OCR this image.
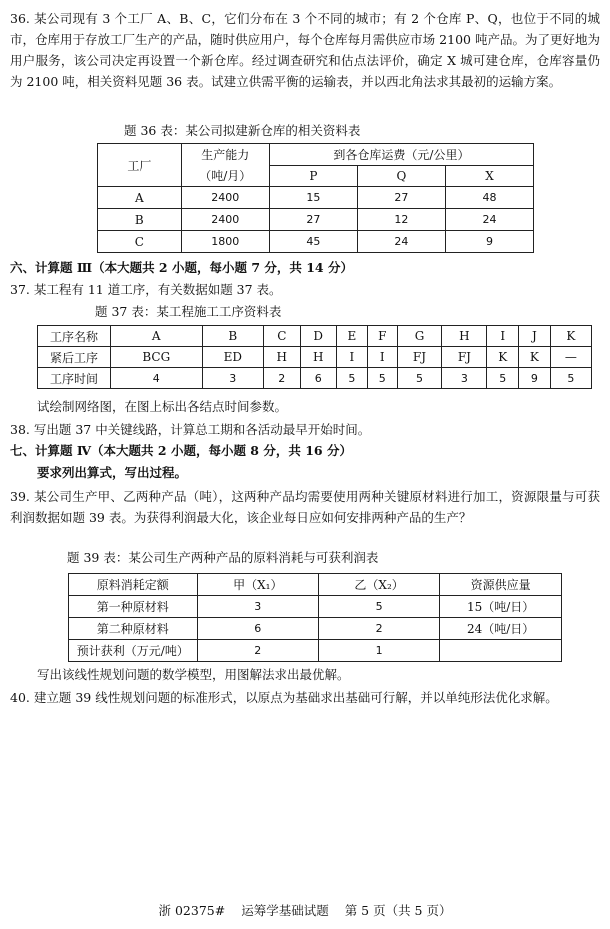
36. 某公司现有 3 个工厂 A、B、C，它们分布在 3 个不同的城市；有 2 个仓库 P、Q，也位于不同的城市，仓库用于存放工厂生产的产品，随时供应用户，每个仓库每月需供应市场 2100 吨产品。为了更好地为用户服务，该公司决定再设置一个新仓库。经过调查研究和估点法评价，确定 X 城可建仓库，仓库容量仍为 2100 吨，相关资料见题 36 表。试建立供需平衡的运输表，并以西北角法求其最初的运输方案。
题 36 表：某公司拟建新仓库的相关资料表
工厂	生产能力	到各仓库运费（元/公里）		
	（吨/月）	P	Q	X
A	2400	15	27	48
B	2400	27	12	24
C	1800	45	24	9
六、计算题 Ⅲ（本大题共 2 小题，每小题 7 分，共 14 分）
37. 某工程有 11 道工序，有关数据如题 37 表。
题 37 表：某工程施工工序资料表
工序名称	A	B	C	D	E	F	G	H	I	J	K
紧后工序	BCG	ED	H	H	I	I	FJ	FJ	K	K	—
工序时间	4	3	2	6	5	5	5	3	5	9	5
试绘制网络图，在图上标出各结点时间参数。
38. 写出题 37 中关键线路，计算总工期和各活动最早开始时间。
七、计算题 Ⅳ（本大题共 2 小题，每小题 8 分，共 16 分）
要求列出算式，写出过程。
39. 某公司生产甲、乙两种产品（吨），这两种产品均需要使用两种关键原材料进行加工，资源限量与可获利润数据如题 39 表。为获得利润最大化，该企业每日应如何安排两种产品的生产？
题 39 表：某公司生产两种产品的原料消耗与可获利润表
原料消耗定额	甲（X₁）	乙（X₂）	资源供应量
第一种原材料	3	5	15（吨/日）
第二种原材料	6	2	24（吨/日）
预计获利（万元/吨）	2	1	
写出该线性规划问题的数学模型，用图解法求出最优解。
40. 建立题 39 线性规划问题的标准形式，以原点为基础求出基础可行解，并以单纯形法优化求解。
浙 02375# 运筹学基础试题 第 5 页（共 5 页）
